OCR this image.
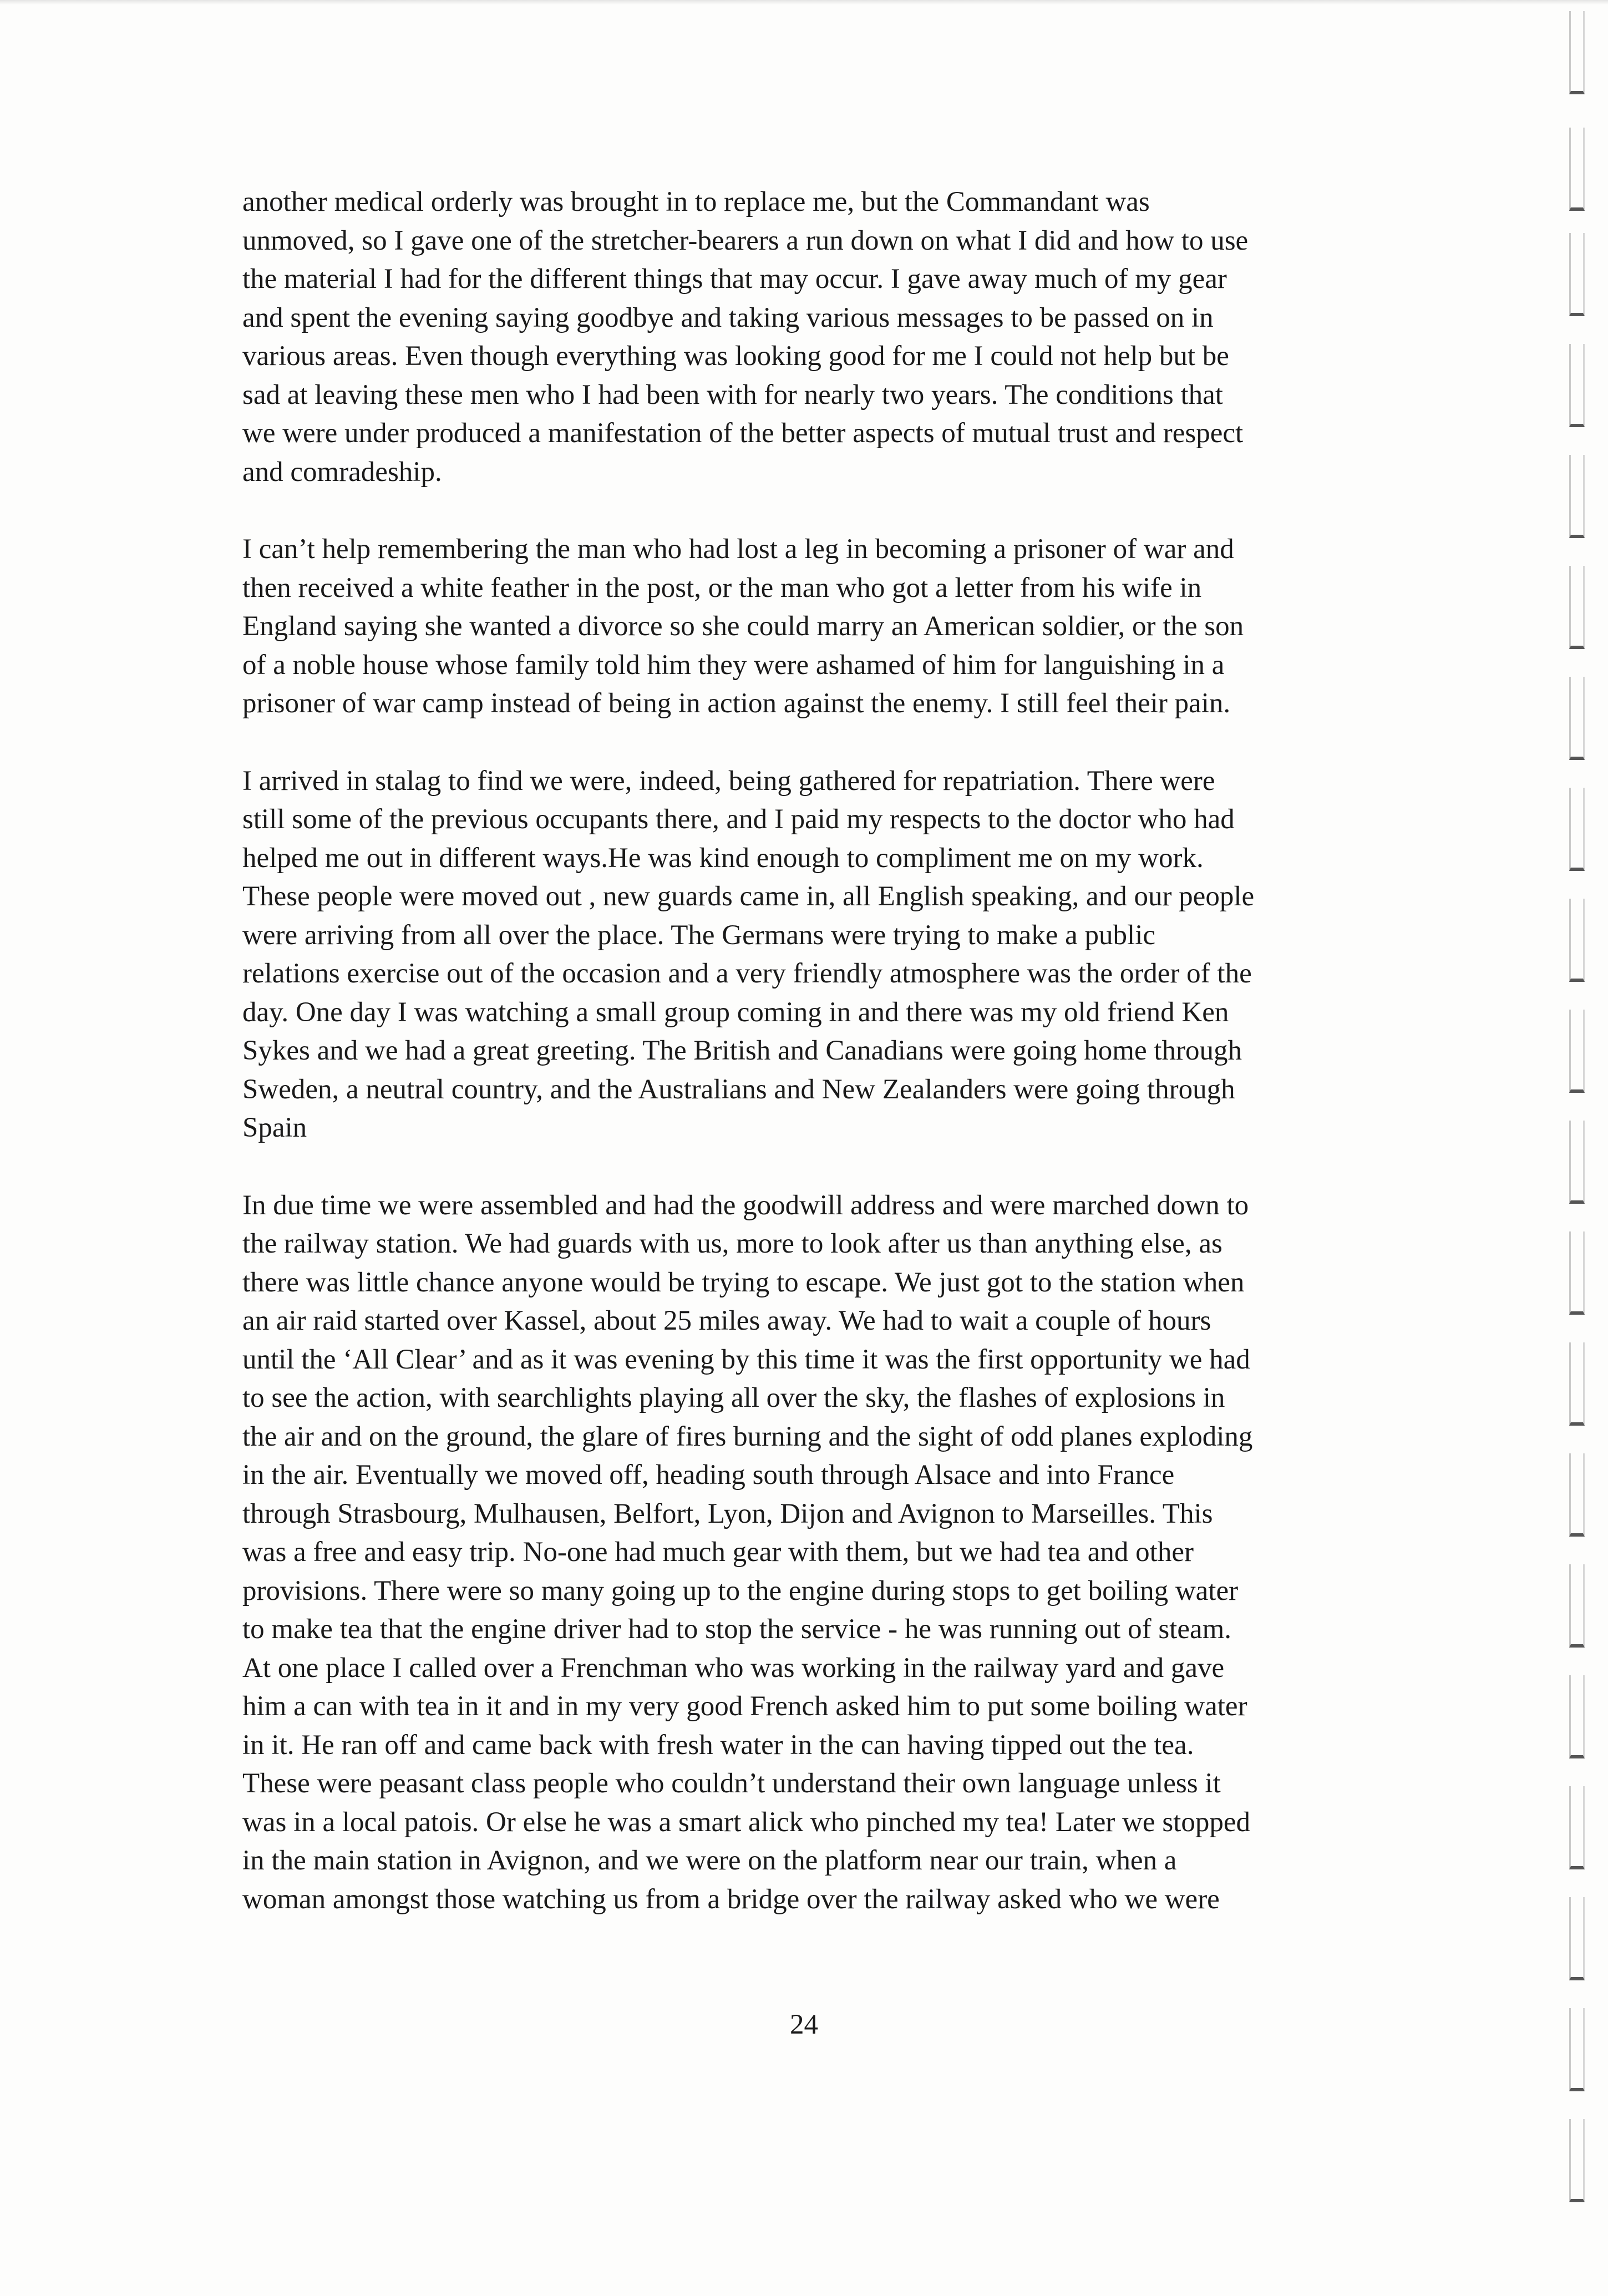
another medical orderly was brought in to replace me, but the Commandant was
unmoved, so I gave one of the stretcher-bearers a run down on what I did and how to use
the material I had for the different things that may occur. I gave away much of my gear
and spent the evening saying goodbye and taking various messages to be passed on in
various areas. Even though everything was looking good for me I could not help but be
sad at leaving these men who I had been with for nearly two years. The conditions that
we were under produced a manifestation of the better aspects of mutual trust and respect
and comradeship.

I can’t help remembering the man who had lost a leg in becoming a prisoner of war and
then received a white feather in the post, or the man who got a letter from his wife in
England saying she wanted a divorce so she could marry an American soldier, or the son
of a noble house whose family told him they were ashamed of him for languishing in a
prisoner of war camp instead of being in action against the enemy. I still feel their pain.

I arrived in stalag to find we were, indeed, being gathered for repatriation. There were
still some of the previous occupants there, and I paid my respects to the doctor who had
helped me out in different ways.He was kind enough to compliment me on my work.
These people were moved out , new guards came in, all English speaking, and our people
were arriving from all over the place. The Germans were trying to make a public
relations exercise out of the occasion and a very friendly atmosphere was the order of the
day. One day I was watching a small group coming in and there was my old friend Ken
Sykes and we had a great greeting. The British and Canadians were going home through
Sweden, a neutral country, and the Australians and New Zealanders were going through
Spain

In due time we were assembled and had the goodwill address and were marched down to
the railway station. We had guards with us, more to look after us than anything else, as
there was little chance anyone would be trying to escape. We just got to the station when
an air raid started over Kassel, about 25 miles away. We had to wait a couple of hours
until the ‘All Clear’ and as it was evening by this time it was the first opportunity we had
to see the action, with searchlights playing all over the sky, the flashes of explosions in
the air and on the ground, the glare of fires burning and the sight of odd planes exploding
in the air. Eventually we moved off, heading south through Alsace and into France
through Strasbourg, Mulhausen, Belfort, Lyon, Dijon and Avignon to Marseilles. This
was a free and easy trip. No-one had much gear with them, but we had tea and other
provisions. There were so many going up to the engine during stops to get boiling water
to make tea that the engine driver had to stop the service - he was running out of steam.
At one place I called over a Frenchman who was working in the railway yard and gave
him a can with tea in it and in my very good French asked him to put some boiling water
in it. He ran off and came back with fresh water in the can having tipped out the tea.
These were peasant class people who couldn’t understand their own language unless it
was in a local patois. Or else he was a smart alick who pinched my tea! Later we stopped
in the main station in Avignon, and we were on the platform near our train, when a
woman amongst those watching us from a bridge over the railway asked who we were

24
